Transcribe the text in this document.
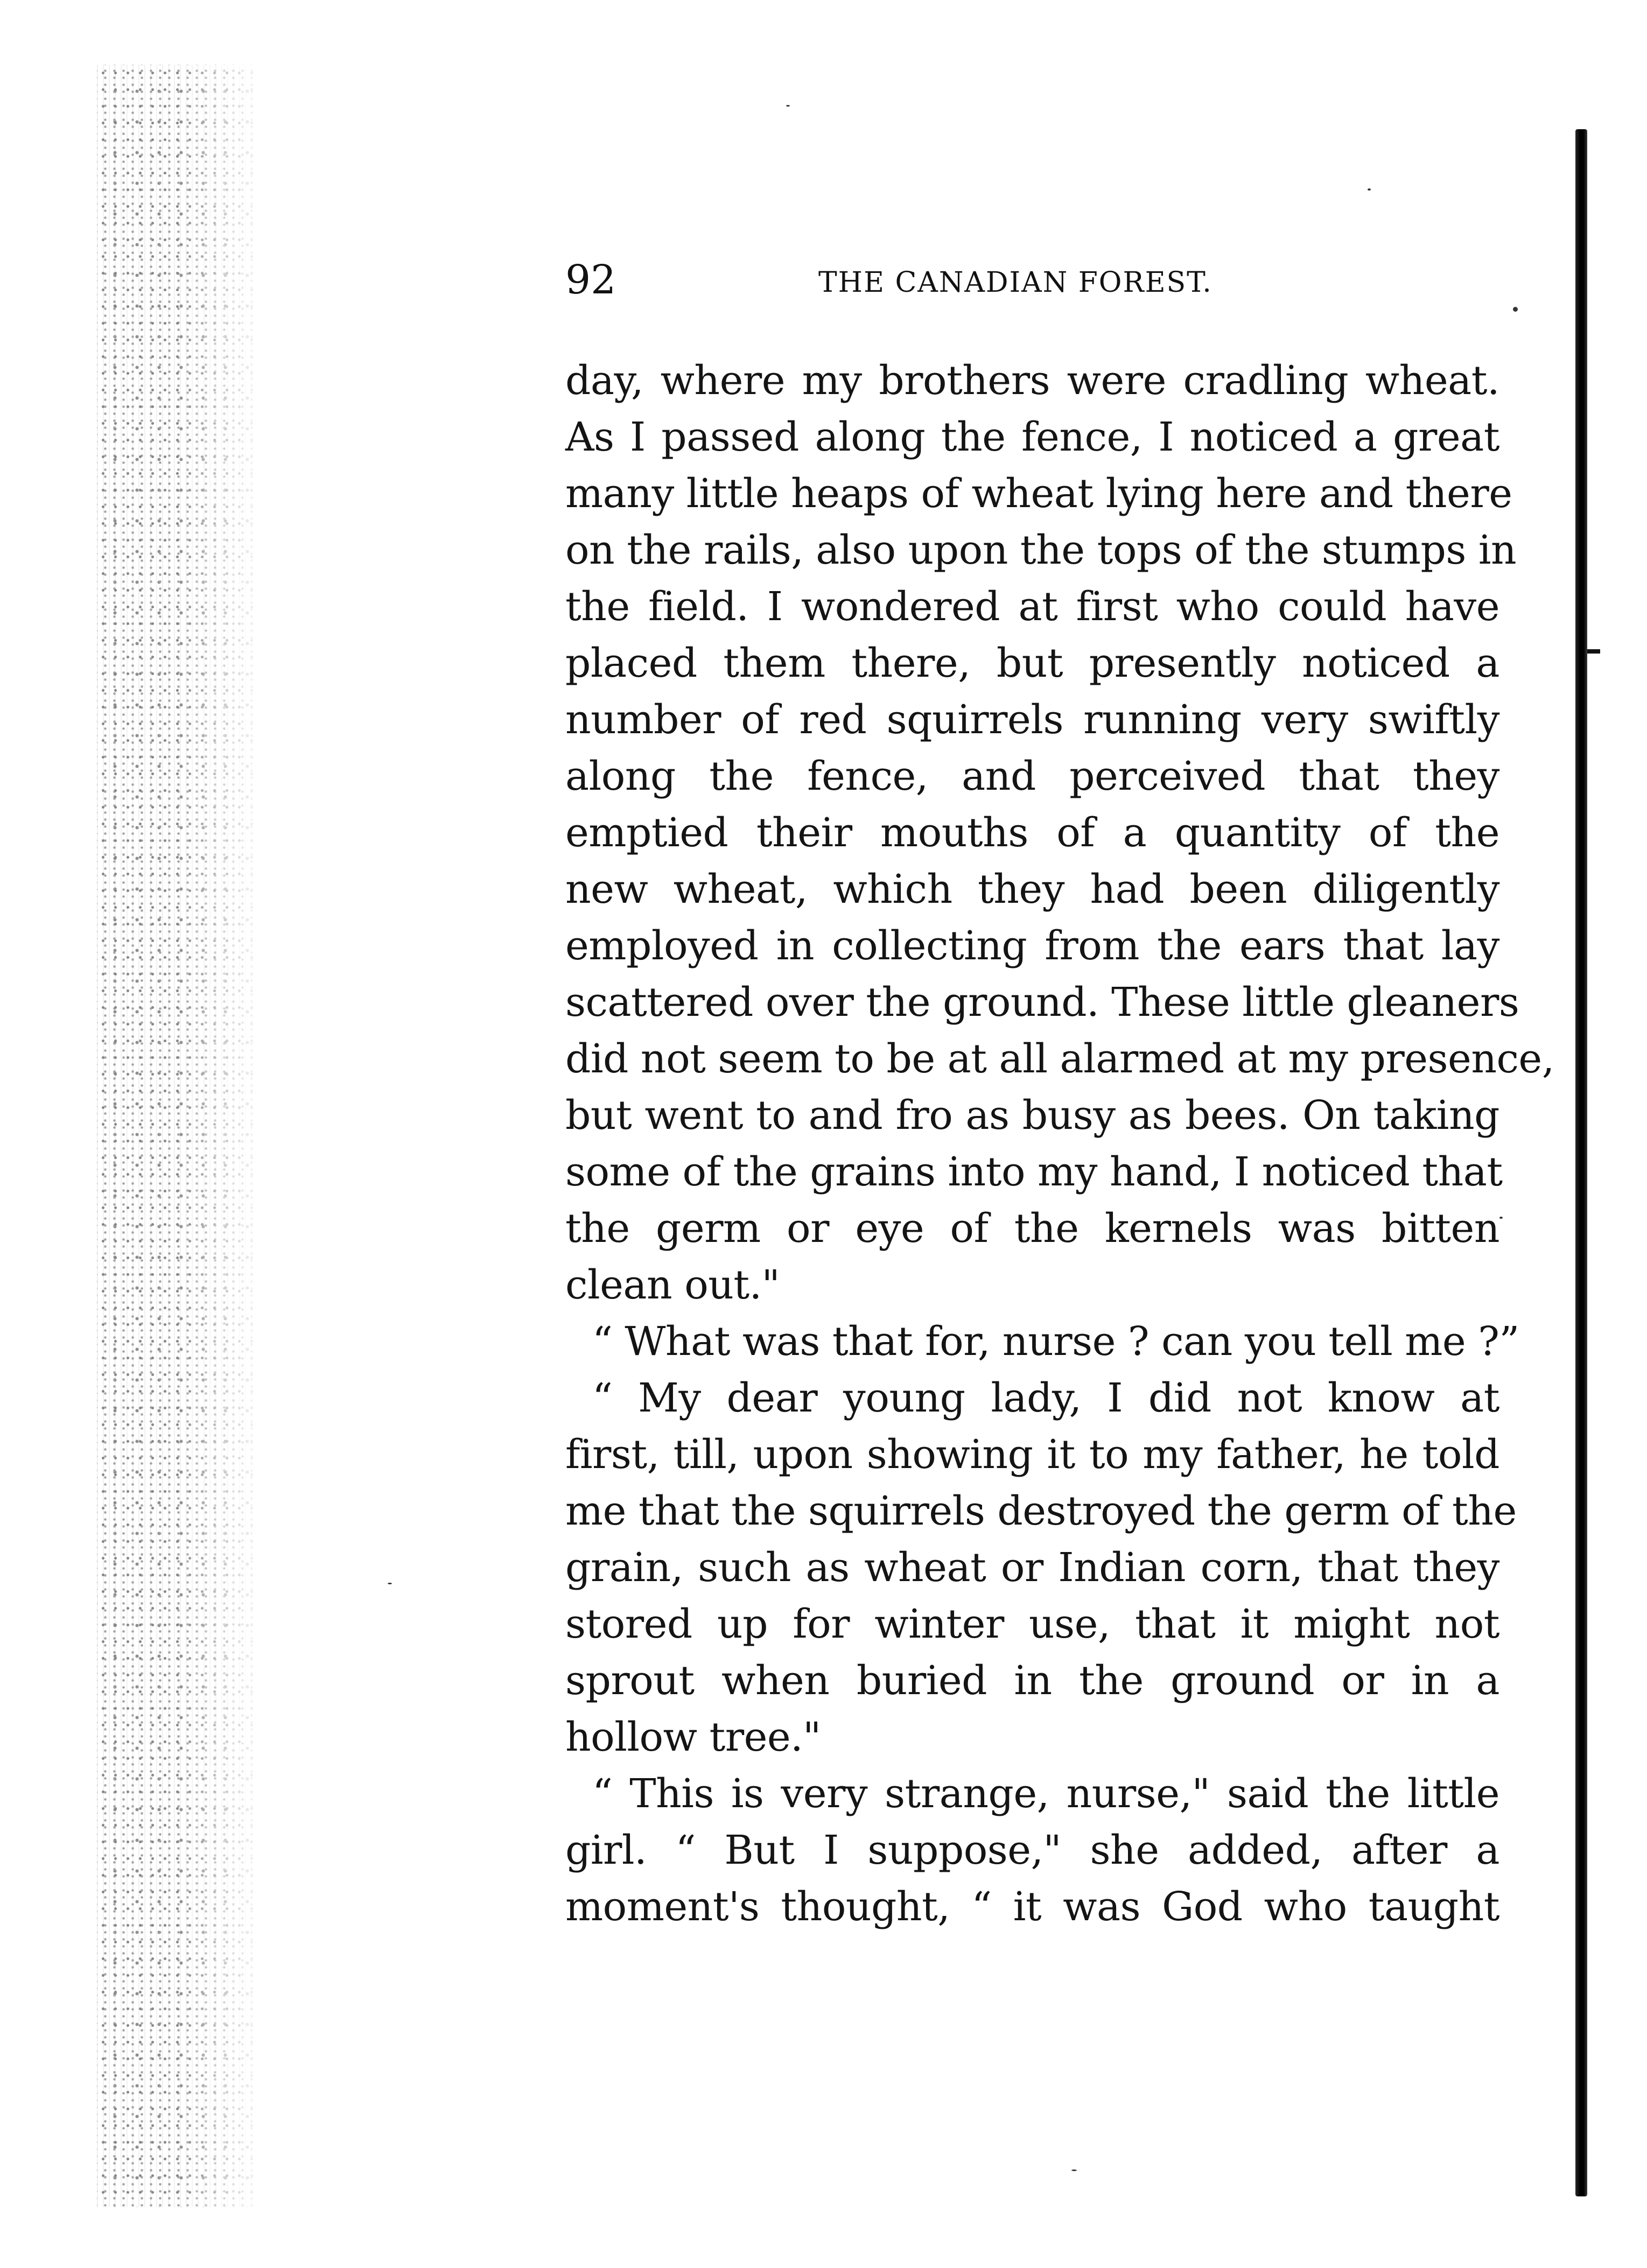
92	THE CANADIAN FOREST.
day, where my brothers were cradling wheat.
As I passed along the fence, I noticed a great
many little heaps of wheat lying here and there
on the rails, also upon the tops of the stumps in
the field. I wondered at first who could have
placed them there, but presently noticed a
number of red squirrels running very swiftly
along the fence, and perceived that they
emptied their mouths of a quantity of the
new wheat, which they had been diligently
employed in collecting from the ears that lay
scattered over the ground. These little gleaners
did not seem to be at all alarmed at my presence,
but went to and fro as busy as bees. On taking
some of the grains into my hand, I noticed that
the germ or eye of the kernels was bitten
clean out."
“ What was that for, nurse ? can you tell me ?”
“ My dear young lady, I did not know at
first, till, upon showing it to my father, he told
me that the squirrels destroyed the germ of the
grain, such as wheat or Indian corn, that they
stored up for winter use, that it might not
sprout when buried in the ground or in a
hollow tree."
“ This is very strange, nurse," said the little
girl. “ But I suppose," she added, after a
moment's thought, “ it was God who taught
